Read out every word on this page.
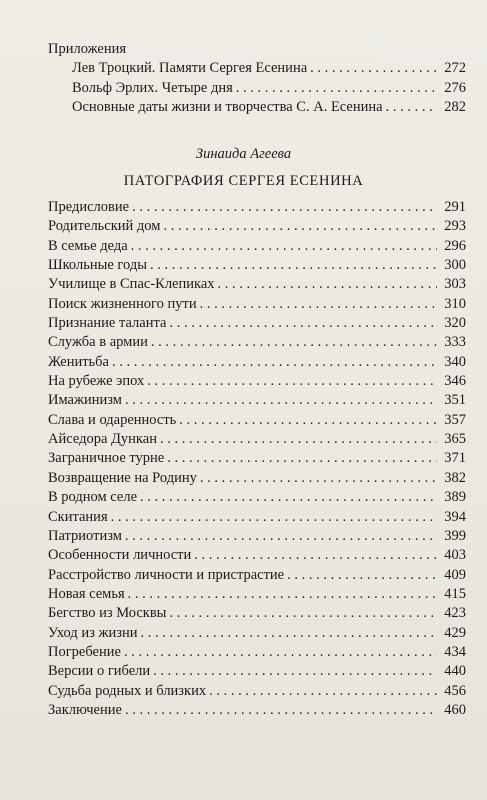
Приложения
Лев Троцкий. Памяти Сергея Есенина . . .	272
Вольф Эрлих. Четыре дня . . .	276
Основные даты жизни и творчества С. А. Есенина . . .	282
Зинаида Агеева
ПАТОГРАФИЯ СЕРГЕЯ ЕСЕНИНА
Предисловие . . .	291
Родительский дом . . .	293
В семье деда . . .	296
Школьные годы . . .	300
Училище в Спас-Клепиках . . .	303
Поиск жизненного пути . . .	310
Признание таланта . . .	320
Служба в армии . . .	333
Женитьба . . .	340
На рубеже эпох . . .	346
Имажинизм . . .	351
Слава и одаренность . . .	357
Айседора Дункан . . .	365
Заграничное турне . . .	371
Возвращение на Родину . . .	382
В родном селе . . .	389
Скитания . . .	394
Патриотизм . . .	399
Особенности личности . . .	403
Расстройство личности и пристрастие . . .	409
Новая семья . . .	415
Бегство из Москвы . . .	423
Уход из жизни . . .	429
Погребение . . .	434
Версии о гибели . . .	440
Судьба родных и близких . . .	456
Заключение . . .	460
